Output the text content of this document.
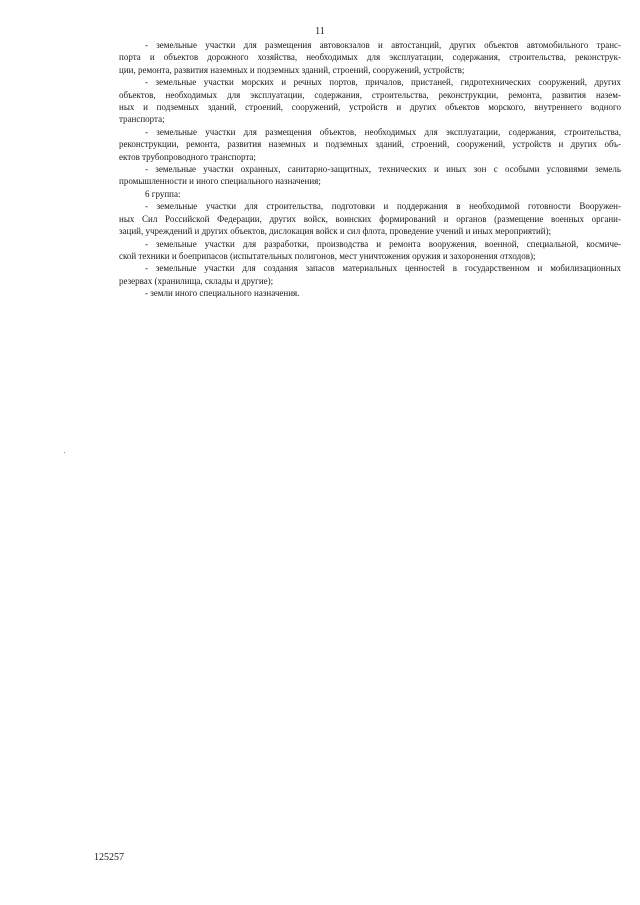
11
- земельные участки для размещения автовокзалов и автостанций, других объектов автомобильного транс-
порта и объектов дорожного хозяйства, необходимых для эксплуатации, содержания, строительства, реконструк-
ции, ремонта, развития наземных и подземных зданий, строений, сооружений, устройств;
- земельные участки морских и речных портов, причалов, пристаней, гидротехнических сооружений, других
объектов, необходимых для эксплуатации, содержания, строительства, реконструкции, ремонта, развития назем-
ных и подземных зданий, строений, сооружений, устройств и других объектов морского, внутреннего водного
транспорта;
- земельные участки для размещения объектов, необходимых для эксплуатации, содержания, строительства,
реконструкции, ремонта, развития наземных и подземных зданий, строений, сооружений, устройств и других объ-
ектов трубопроводного транспорта;
- земельные участки охранных, санитарно-защитных, технических и иных зон с особыми условиями земель
промышленности и иного специального назначения;
6 группа:
- земельные участки для строительства, подготовки и поддержания в необходимой готовности Вооружен-
ных Сил Российской Федерации, других войск, воинских формирований и органов (размещение военных органи-
заций, учреждений и других объектов, дислокация войск и сил флота, проведение учений и иных мероприятий);
- земельные участки для разработки, производства и ремонта вооружения, военной, специальной, космиче-
ской техники и боеприпасов (испытательных полигонов, мест уничтожения оружия и захоронения отходов);
- земельные участки для создания запасов материальных ценностей в государственном и мобилизационных
резервах (хранилища, склады и другие);
- земли иного специального назначения.
125257
